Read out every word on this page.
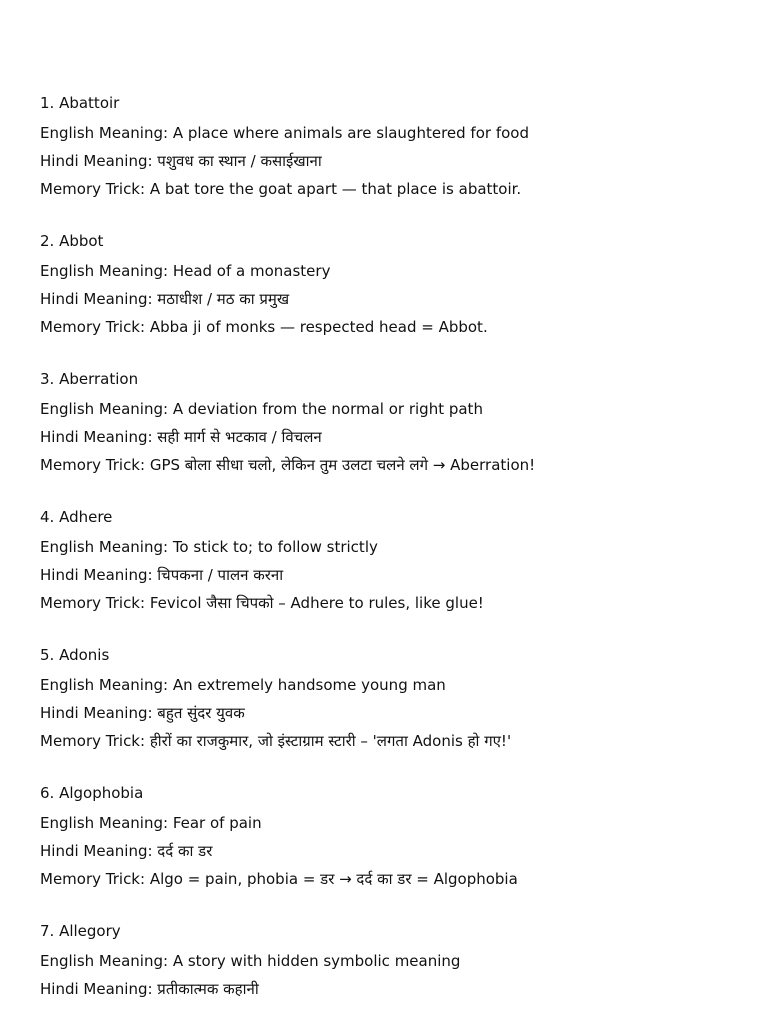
1. Abattoir
English Meaning: A place where animals are slaughtered for food
Hindi Meaning: पशुवध का स्थान / कसाईखाना
Memory Trick: A bat tore the goat apart — that place is abattoir.
2. Abbot
English Meaning: Head of a monastery
Hindi Meaning: मठाधीश / मठ का प्रमुख
Memory Trick: Abba ji of monks — respected head = Abbot.
3. Aberration
English Meaning: A deviation from the normal or right path
Hindi Meaning: सही मार्ग से भटकाव / विचलन
Memory Trick: GPS बोला सीधा चलो, लेकिन तुम उलटा चलने लगे → Aberration!
4. Adhere
English Meaning: To stick to; to follow strictly
Hindi Meaning: चिपकना / पालन करना
Memory Trick: Fevicol जैसा चिपको – Adhere to rules, like glue!
5. Adonis
English Meaning: An extremely handsome young man
Hindi Meaning: बहुत सुंदर युवक
Memory Trick: हीरों का राजकुमार, जो इंस्टाग्राम स्टारी – 'लगता Adonis हो गए!'
6. Algophobia
English Meaning: Fear of pain
Hindi Meaning: दर्द का डर
Memory Trick: Algo = pain, phobia = डर → दर्द का डर = Algophobia
7. Allegory
English Meaning: A story with hidden symbolic meaning
Hindi Meaning: प्रतीकात्मक कहानी
